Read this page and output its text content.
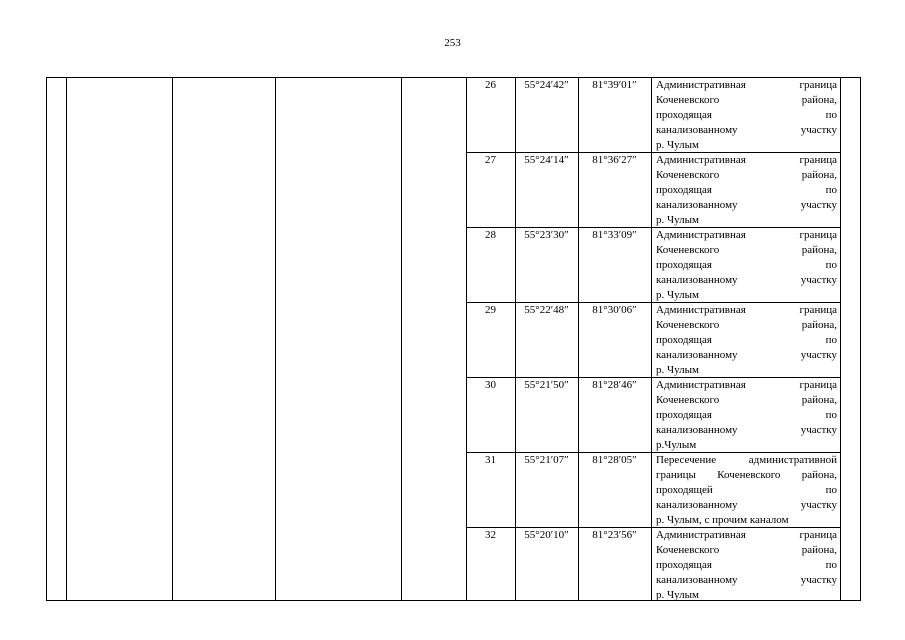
253
26	55°24′42″	81°39′01″	Административная граница
Коченевского района,
проходящая по
канализованному участку
р. Чулым
27	55°24′14″	81°36′27″	Административная граница
Коченевского района,
проходящая по
канализованному участку
р. Чулым
28	55°23′30″	81°33′09″	Административная граница
Коченевского района,
проходящая по
канализованному участку
р. Чулым
29	55°22′48″	81°30′06″	Административная граница
Коченевского района,
проходящая по
канализованному участку
р. Чулым
30	55°21′50″	81°28′46″	Административная граница
Коченевского района,
проходящая по
канализованному участку
р.Чулым
31	55°21′07″	81°28′05″	Пересечение административной
границы Коченевского района,
проходящей по
канализованному участку
р. Чулым, с прочим каналом
32	55°20′10″	81°23′56″	Административная граница
Коченевского района,
проходящая по
канализованному участку
р. Чулым
